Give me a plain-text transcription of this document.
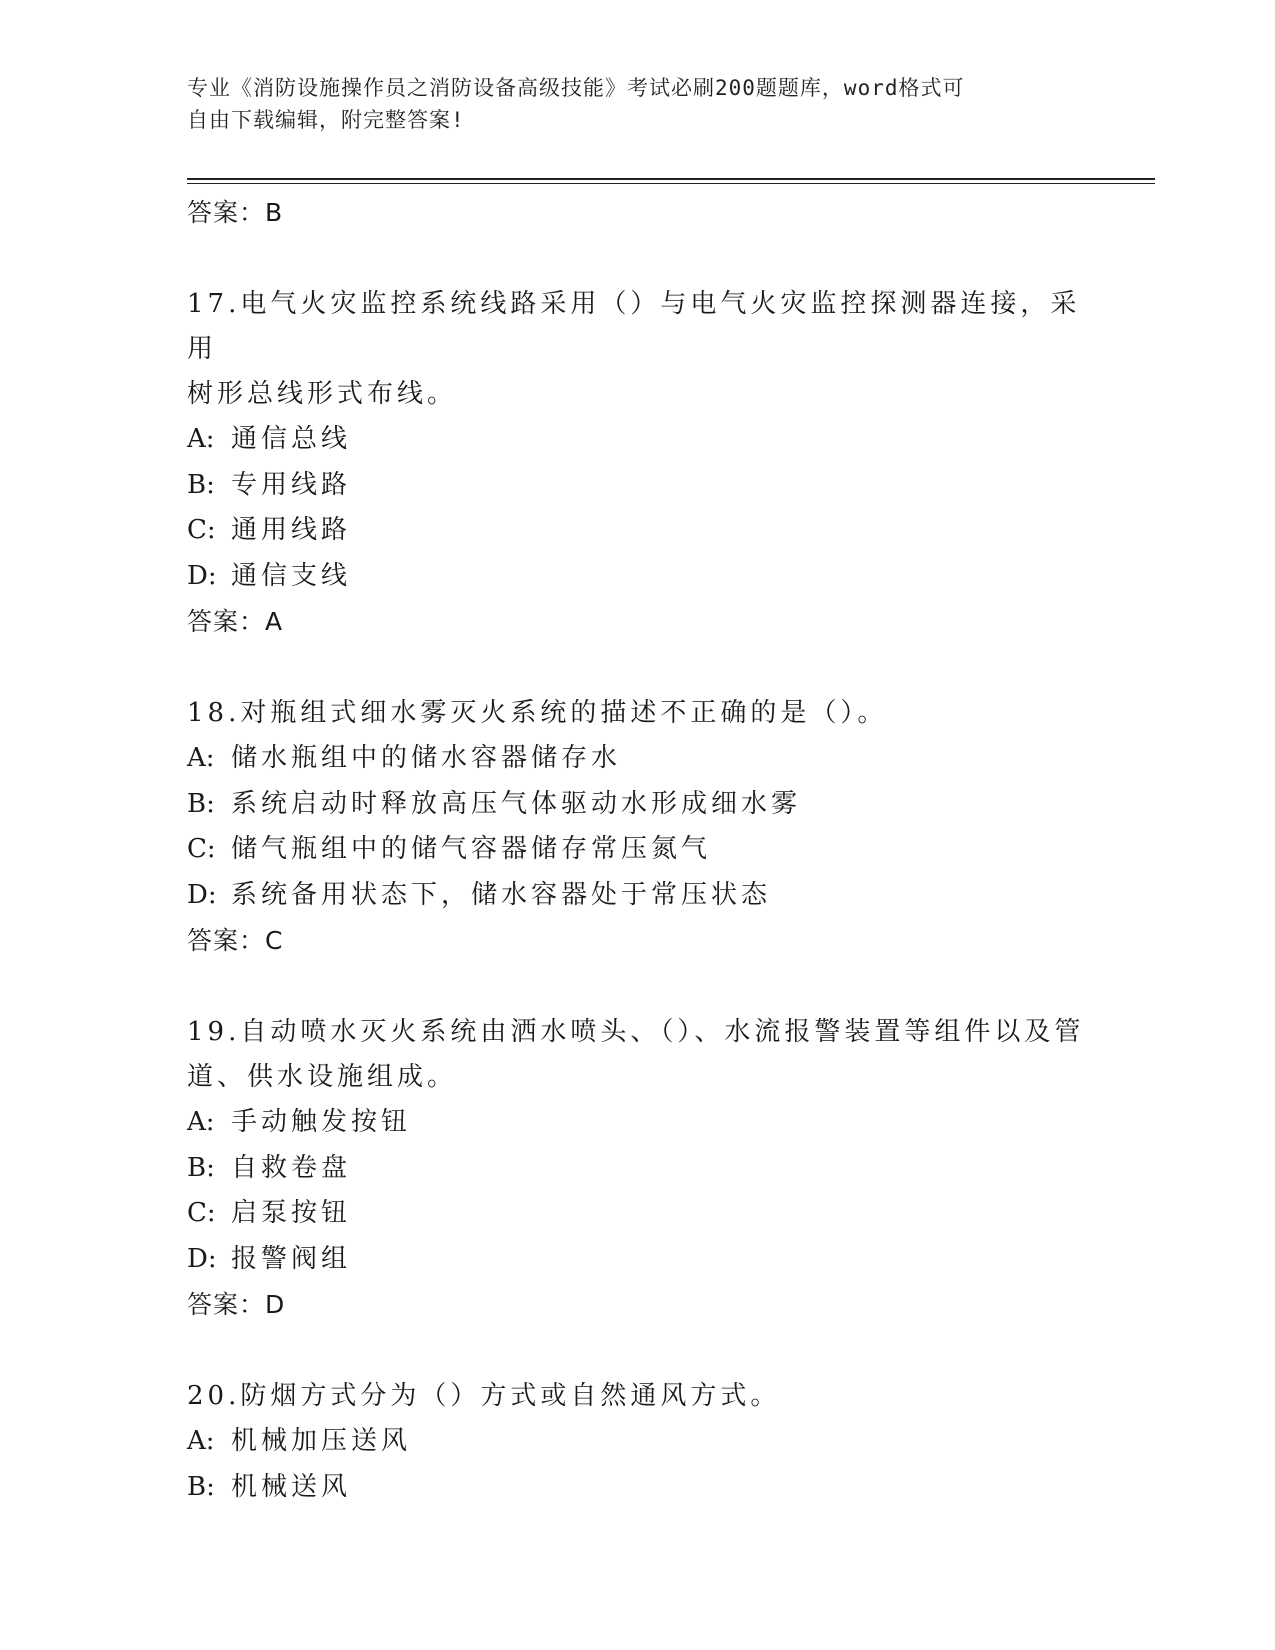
专业《消防设施操作员之消防设备高级技能》考试必刷200题题库，word格式可
自由下载编辑，附完整答案!

答案：B

17.电气火灾监控系统线路采用（）与电气火灾监控探测器连接，采用

树形总线形式布线。

A: 通信总线

B: 专用线路

C: 通用线路

D: 通信支线

答案：A

18.对瓶组式细水雾灭火系统的描述不正确的是（）。

A: 储水瓶组中的储水容器储存水

B: 系统启动时释放高压气体驱动水形成细水雾

C: 储气瓶组中的储气容器储存常压氮气

D: 系统备用状态下，储水容器处于常压状态

答案：C

19.自动喷水灭火系统由洒水喷头、（）、水流报警装置等组件以及管

道、供水设施组成。

A: 手动触发按钮

B: 自救卷盘

C: 启泵按钮

D: 报警阀组

答案：D

20.防烟方式分为（）方式或自然通风方式。

A: 机械加压送风

B: 机械送风
